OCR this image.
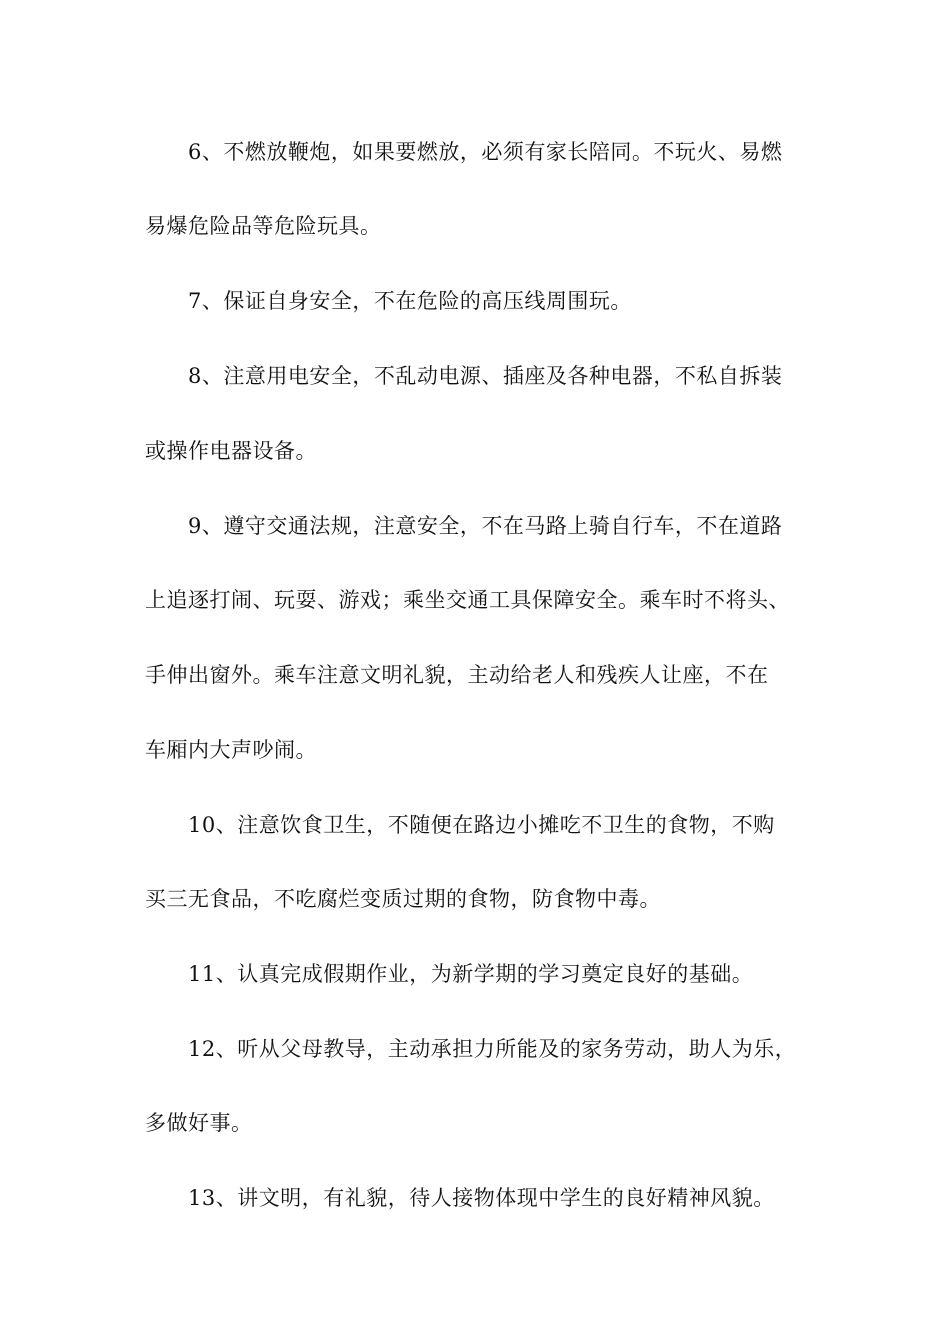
6、不燃放鞭炮，如果要燃放，必须有家长陪同。不玩火、易燃
易爆危险品等危险玩具。
7、保证自身安全，不在危险的高压线周围玩。
8、注意用电安全，不乱动电源、插座及各种电器，不私自拆装
或操作电器设备。
9、遵守交通法规，注意安全，不在马路上骑自行车，不在道路
上追逐打闹、玩耍、游戏；乘坐交通工具保障安全。乘车时不将头、
手伸出窗外。乘车注意文明礼貌，主动给老人和残疾人让座，不在
车厢内大声吵闹。
10、注意饮食卫生，不随便在路边小摊吃不卫生的食物，不购
买三无食品，不吃腐烂变质过期的食物，防食物中毒。
11、认真完成假期作业，为新学期的学习奠定良好的基础。
12、听从父母教导，主动承担力所能及的家务劳动，助人为乐，
多做好事。
13、讲文明，有礼貌，待人接物体现中学生的良好精神风貌。
